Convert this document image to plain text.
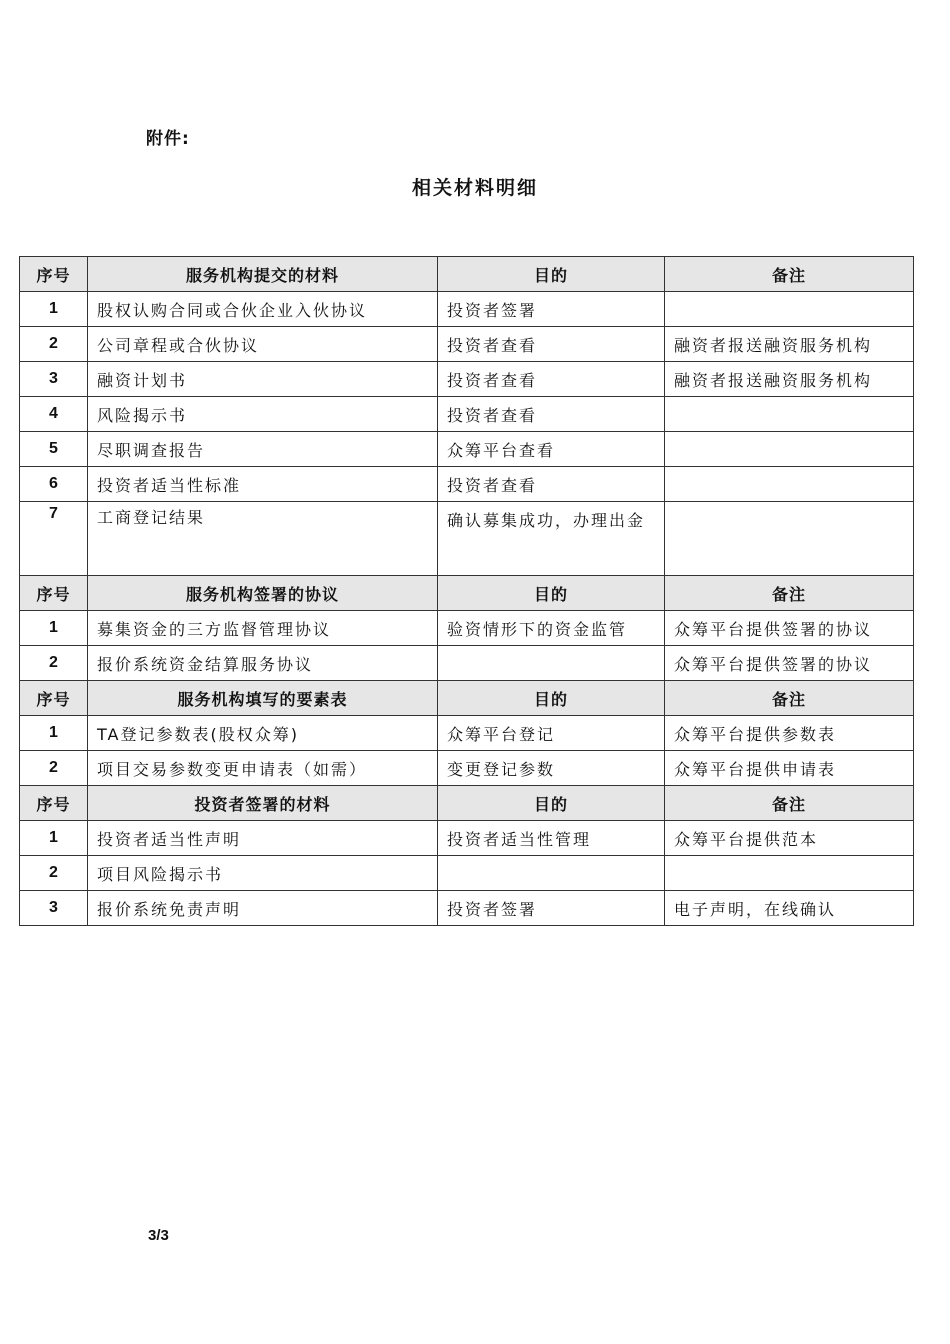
附件:
相关材料明细
序号	服务机构提交的材料	目的	备注
1	股权认购合同或合伙企业入伙协议	投资者签署	
2	公司章程或合伙协议	投资者查看	融资者报送融资服务机构
3	融资计划书	投资者查看	融资者报送融资服务机构
4	风险揭示书	投资者查看	
5	尽职调查报告	众筹平台查看	
6	投资者适当性标准	投资者查看	
7	工商登记结果	确认募集成功，办理出金	
序号	服务机构签署的协议	目的	备注
1	募集资金的三方监督管理协议	验资情形下的资金监管	众筹平台提供签署的协议
2	报价系统资金结算服务协议		众筹平台提供签署的协议
序号	服务机构填写的要素表	目的	备注
1	TA登记参数表(股权众筹)	众筹平台登记	众筹平台提供参数表
2	项目交易参数变更申请表（如需）	变更登记参数	众筹平台提供申请表
序号	投资者签署的材料	目的	备注
1	投资者适当性声明	投资者适当性管理	众筹平台提供范本
2	项目风险揭示书		
3	报价系统免责声明	投资者签署	电子声明，在线确认
3/3
